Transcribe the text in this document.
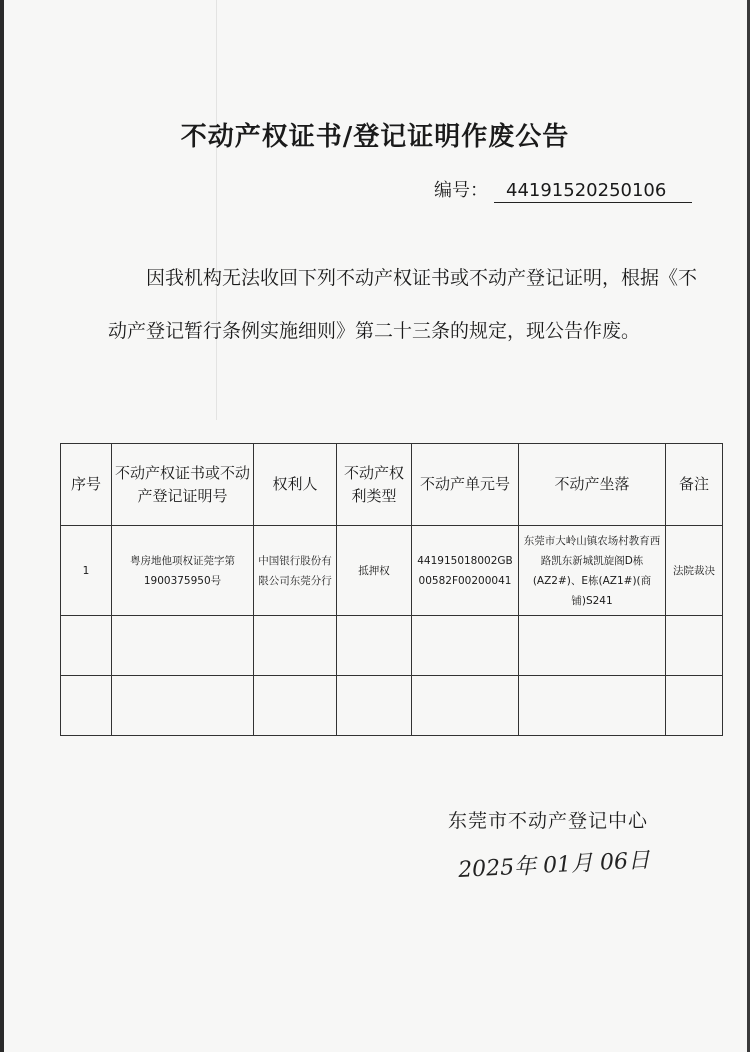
不动产权证书/登记证明作废公告
编号： 44191520250106
因我机构无法收回下列不动产权证书或不动产登记证明，根据《不动产登记暂行条例实施细则》第二十三条的规定，现公告作废。
序号	不动产权证书或不动产登记证明号	权利人	不动产权利类型	不动产单元号	不动产坐落	备注
1	粤房地他项权证莞字第1900375950号	中国银行股份有限公司东莞分行	抵押权	441915018002GB00582F00200041	东莞市大岭山镇农场村教育西路凯东新城凯旋阁D栋(AZ2#)、E栋(AZ1#)(商铺)S241	法院裁决

东莞市不动产登记中心
2025年 01月 06日
